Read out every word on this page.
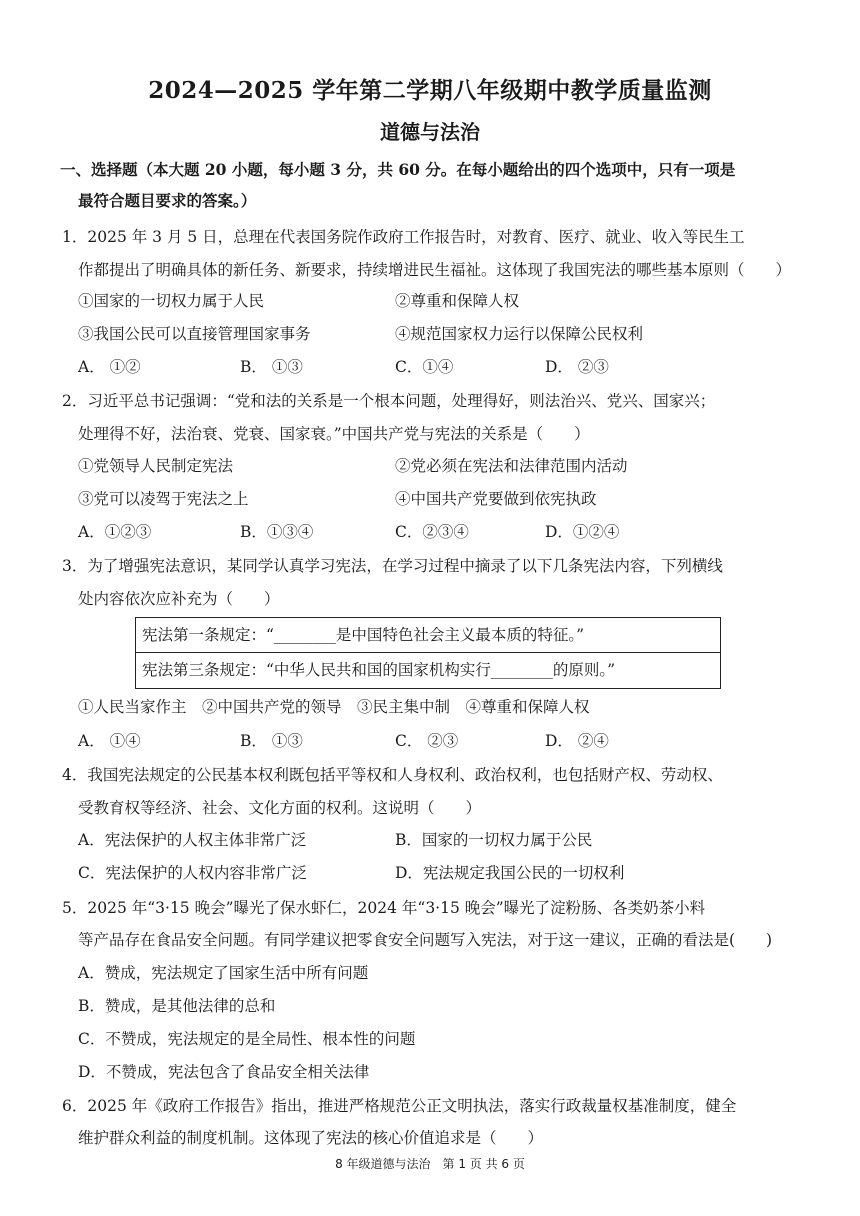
2024—2025 学年第二学期八年级期中教学质量监测
道德与法治
一、选择题（本大题 20 小题，每小题 3 分，共 60 分。在每小题给出的四个选项中，只有一项是
最符合题目要求的答案。）
1．2025 年 3 月 5 日，总理在代表国务院作政府工作报告时，对教育、医疗、就业、收入等民生工
作都提出了明确具体的新任务、新要求，持续增进民生福祉。这体现了我国宪法的哪些基本原则（　　）
①国家的一切权力属于人民	②尊重和保障人权
③我国公民可以直接管理国家事务	④规范国家权力运行以保障公民权利
A． ①②	B． ①③	C．①④	D． ②③
2．习近平总书记强调：“党和法的关系是一个根本问题，处理得好，则法治兴、党兴、国家兴；
处理得不好，法治衰、党衰、国家衰。”中国共产党与宪法的关系是（　　）
①党领导人民制定宪法	②党必须在宪法和法律范围内活动
③党可以凌驾于宪法之上	④中国共产党要做到依宪执政
A．①②③	B．①③④	C．②③④	D．①②④
3．为了增强宪法意识，某同学认真学习宪法，在学习过程中摘录了以下几条宪法内容，下列横线
处内容依次应补充为（　　）
宪法第一条规定：“________是中国特色社会主义最本质的特征。”
宪法第三条规定：“中华人民共和国的国家机构实行________的原则。”
①人民当家作主　②中国共产党的领导　③民主集中制　④尊重和保障人权
A． ①④	B． ①③	C． ②③	D． ②④
4．我国宪法规定的公民基本权利既包括平等权和人身权利、政治权利，也包括财产权、劳动权、
受教育权等经济、社会、文化方面的权利。这说明（　　）
A．宪法保护的人权主体非常广泛	B．国家的一切权力属于公民
C．宪法保护的人权内容非常广泛	D．宪法规定我国公民的一切权利
5．2025 年“3·15 晚会”曝光了保水虾仁，2024 年“3·15 晚会”曝光了淀粉肠、各类奶茶小料
等产品存在食品安全问题。有同学建议把零食安全问题写入宪法，对于这一建议，正确的看法是(　　)
A．赞成，宪法规定了国家生活中所有问题
B．赞成，是其他法律的总和
C．不赞成，宪法规定的是全局性、根本性的问题
D．不赞成，宪法包含了食品安全相关法律
6．2025 年《政府工作报告》指出，推进严格规范公正文明执法，落实行政裁量权基准制度，健全
维护群众利益的制度机制。这体现了宪法的核心价值追求是（　　）
8 年级道德与法治　第 1 页 共 6 页
